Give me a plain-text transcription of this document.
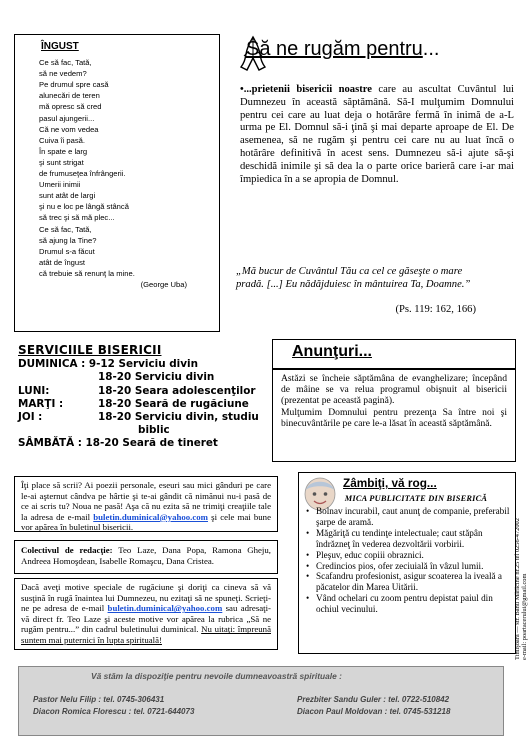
ÎNGUST
Ce să fac, Tată,
să ne vedem?
Pe drumul spre casă
alunecări de teren
mă opresc să cred
pasul ajungerii...
Că ne vom vedea
Cuiva îi pasă.
În spate e larg
şi sunt strigat
de frumuseţea înfrângerii.
Umerii inimii
sunt atât de largi
şi nu e loc pe lângă stâncă
să trec şi să mă plec...
Ce să fac, Tată,
să ajung la Tine?
Drumul s-a făcut
atât de îngust
că trebuie să renunţ la mine.
(George Uba)
Să ne rugăm pentru...
•...prietenii bisericii noastre care au ascultat Cuvântul lui Dumnezeu în această săptămână. Să-I mulţumim Domnului pentru cei care au luat deja o hotărâre fermă în inimă de a-L urma pe El. Domnul să-i ţină şi mai departe aproape de El. De asemenea, să ne rugăm şi pentru cei care nu au luat încă o hotărâre definitivă în acest sens. Dumnezeu să-i ajute să-şi deschidă inimile şi să dea la o parte orice barieră care i-ar mai împiedica în a se apropia de Domnul.
„Mă bucur de Cuvântul Tău ca cel ce găseşte o mare pradă. [...] Eu nădăjduiesc în mântuirea Ta, Doamne.”
(Ps. 119: 162, 166)
SERVICIILE BISERICII
DUMINICA : 9-12 Serviciu divin
18-20 Serviciu divin
LUNI:	18-20 Seara adolescenţilor
MARŢI :	18-20 Seară de rugăciune
JOI :	18-20 Serviciu divin, studiu
biblic
SÂMBĂTĂ : 18-20 Seară de tineret
Anunţuri...

Astăzi se încheie săptămâna de evanghelizare; începând de mâine se va relua programul obişnuit al bisericii (prezentat pe această pagină).

Mulţumim Domnului pentru prezenţa Sa între noi şi binecuvântările pe care le-a lăsat în această săptămână.

Îţi place să scrii? Ai poezii personale, eseuri sau mici gânduri pe care le-ai aşternut cândva pe hârtie şi te-ai gândit că nimănui nu-i pasă de ce ai scris tu? Noua ne pasă! Aşa că nu ezita să ne trimiţi creaţiile tale la adresa de e-mail buletin.duminical@yahoo.com şi cele mai bune vor apărea în buletinul bisericii.
Colectivul de redacţie: Teo Laze, Dana Popa, Ramona Gheju, Andreea Homoşdean, Isabelle Romaşcu, Dana Cristea.
Dacă aveţi motive speciale de rugăciune şi doriţi ca cineva să vă susţină în rugă înaintea lui Dumnezeu, nu ezitaţi să ne spuneţi. Scrieţi-ne pe adresa de e-mail buletin.duminical@yahoo.com sau adresaţi-vă direct fr. Teo Laze şi aceste motive vor apărea la rubrica „Să ne rugăm pentru...” din cadrul buletinului duminical. Nu uitaţi: împreună suntem mai puternici în lupta spirituală!
Zâmbiţi, vă rog...
MICA PUBLICITATE DIN BISERICĂ
• Bolnav incurabil, caut anunţ de companie, preferabil şarpe de aramă.
• Măgăriţă cu tendinţe intelectuale; caut stăpân îndrăzneţ în vederea dezvoltării vorbirii.
• Pleşuv, educ copiii obraznici.
• Credincios pios, ofer zeciuială în vâzul lumii.
• Scafandru profesionist, asigur scoaterea la iveală a păcatelor din Marea Uitării.
• Vând ochelari cu zoom pentru depistat paiul din ochiul vecinului.	Timişoara — str. Banu Mărăcine nr.25 tel 0256-472002 e-mail: poartacerului@gmail.com
Vă stăm la dispoziţie pentru nevoile dumneavoastră spirituale :
Pastor Nelu Filip : tel. 0745-306431	Prezbiter Sandu Guler : tel. 0722-510842
Diacon Romica Florescu : tel. 0721-644073	Diacon Paul Moldovan : tel. 0745-531218
